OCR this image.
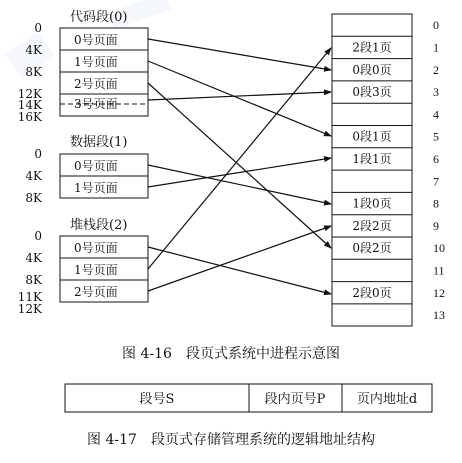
代码段(0)
0号页面
1号页面
2号页面
3号页面
0
4K
8K
12K
14K
16K
数据段(1)
0号页面
1号页面
0
4K
8K
堆栈段(2)
0号页面
1号页面
2号页面
0
4K
8K
11K
12K
2段1页
0段0页
0段3页
0段1页
1段1页
1段0页
2段2页
0段2页
2段0页
0
1
2
3
4
5
6
7
8
9
10
11
12
13
图 4-16　段页式系统中进程示意图
段号S	段内页号P 页内地址d
图 4-17　段页式存储管理系统的逻辑地址结构
